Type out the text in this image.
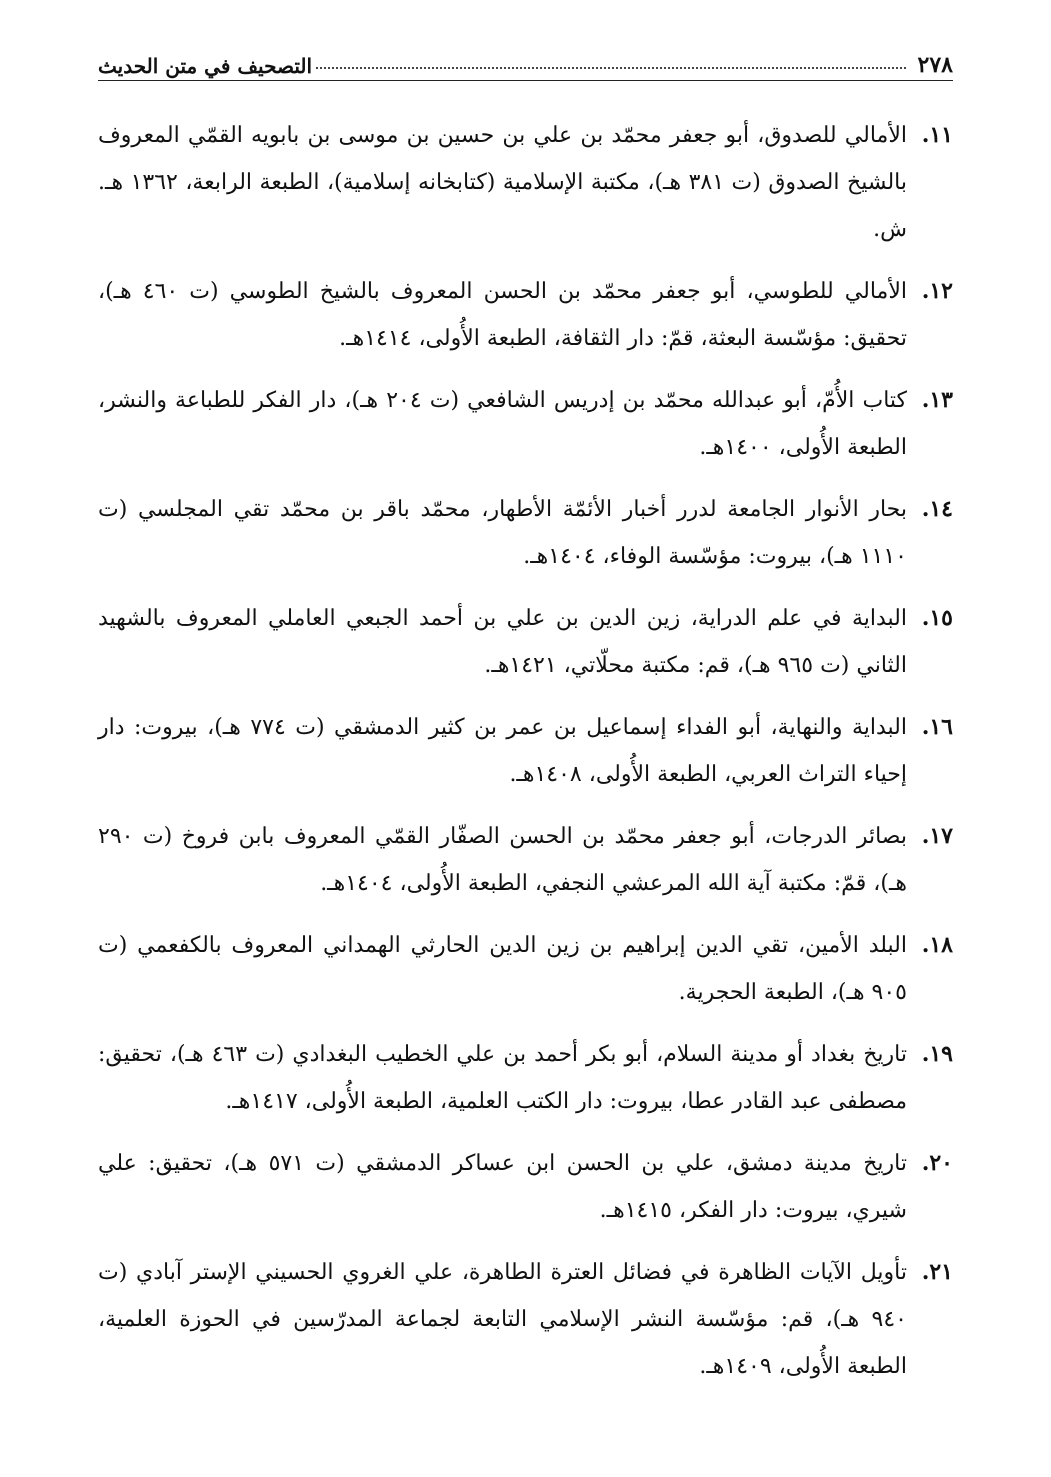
٢٧٨
التصحيف في متن الحديث
١١.
الأمالي للصدوق، أبو جعفر محمّد بن علي بن حسين بن موسى بن بابويه القمّي المعروف بالشيخ الصدوق (ت ٣٨١ هـ)، مكتبة الإسلامية (كتابخانه إسلامية)، الطبعة الرابعة، ١٣٦٢ هـ. ش.
١٢.
الأمالي للطوسي، أبو جعفر محمّد بن الحسن المعروف بالشيخ الطوسي (ت ٤٦٠ هـ)، تحقيق: مؤسّسة البعثة، قمّ: دار الثقافة، الطبعة الأُولى، ١٤١٤هـ.
١٣.
كتاب الأُمّ، أبو عبدالله محمّد بن إدريس الشافعي (ت ٢٠٤ هـ)، دار الفكر للطباعة والنشر، الطبعة الأُولى، ١٤٠٠هـ.
١٤.
بحار الأنوار الجامعة لدرر أخبار الأئمّة الأطهار، محمّد باقر بن محمّد تقي المجلسي (ت ١١١٠ هـ)، بيروت: مؤسّسة الوفاء، ١٤٠٤هـ.
١٥.
البداية في علم الدراية، زين الدين بن علي بن أحمد الجبعي العاملي المعروف بالشهيد الثاني (ت ٩٦٥ هـ)، قم: مكتبة محلّاتي، ١٤٢١هـ.
١٦.
البداية والنهاية، أبو الفداء إسماعيل بن عمر بن كثير الدمشقي (ت ٧٧٤ هـ)، بيروت: دار إحياء التراث العربي، الطبعة الأُولى، ١٤٠٨هـ.
١٧.
بصائر الدرجات، أبو جعفر محمّد بن الحسن الصفّار القمّي المعروف بابن فروخ (ت ٢٩٠ هـ)، قمّ: مكتبة آية الله المرعشي النجفي، الطبعة الأُولى، ١٤٠٤هـ.
١٨.
البلد الأمين، تقي الدين إبراهيم بن زين الدين الحارثي الهمداني المعروف بالكفعمي (ت ٩٠٥ هـ)، الطبعة الحجرية.
١٩.
تاريخ بغداد أو مدينة السلام، أبو بكر أحمد بن علي الخطيب البغدادي (ت ٤٦٣ هـ)، تحقيق: مصطفى عبد القادر عطا، بيروت: دار الكتب العلمية، الطبعة الأُولى، ١٤١٧هـ.
٢٠.
تاريخ مدينة دمشق، علي بن الحسن ابن عساكر الدمشقي (ت ٥٧١ هـ)، تحقيق: علي شيري، بيروت: دار الفكر، ١٤١٥هـ.
٢١.
تأويل الآيات الظاهرة في فضائل العترة الطاهرة، علي الغروي الحسيني الإستر آبادي (ت ٩٤٠ هـ)، قم: مؤسّسة النشر الإسلامي التابعة لجماعة المدرّسين في الحوزة العلمية، الطبعة الأُولى، ١٤٠٩هـ.
